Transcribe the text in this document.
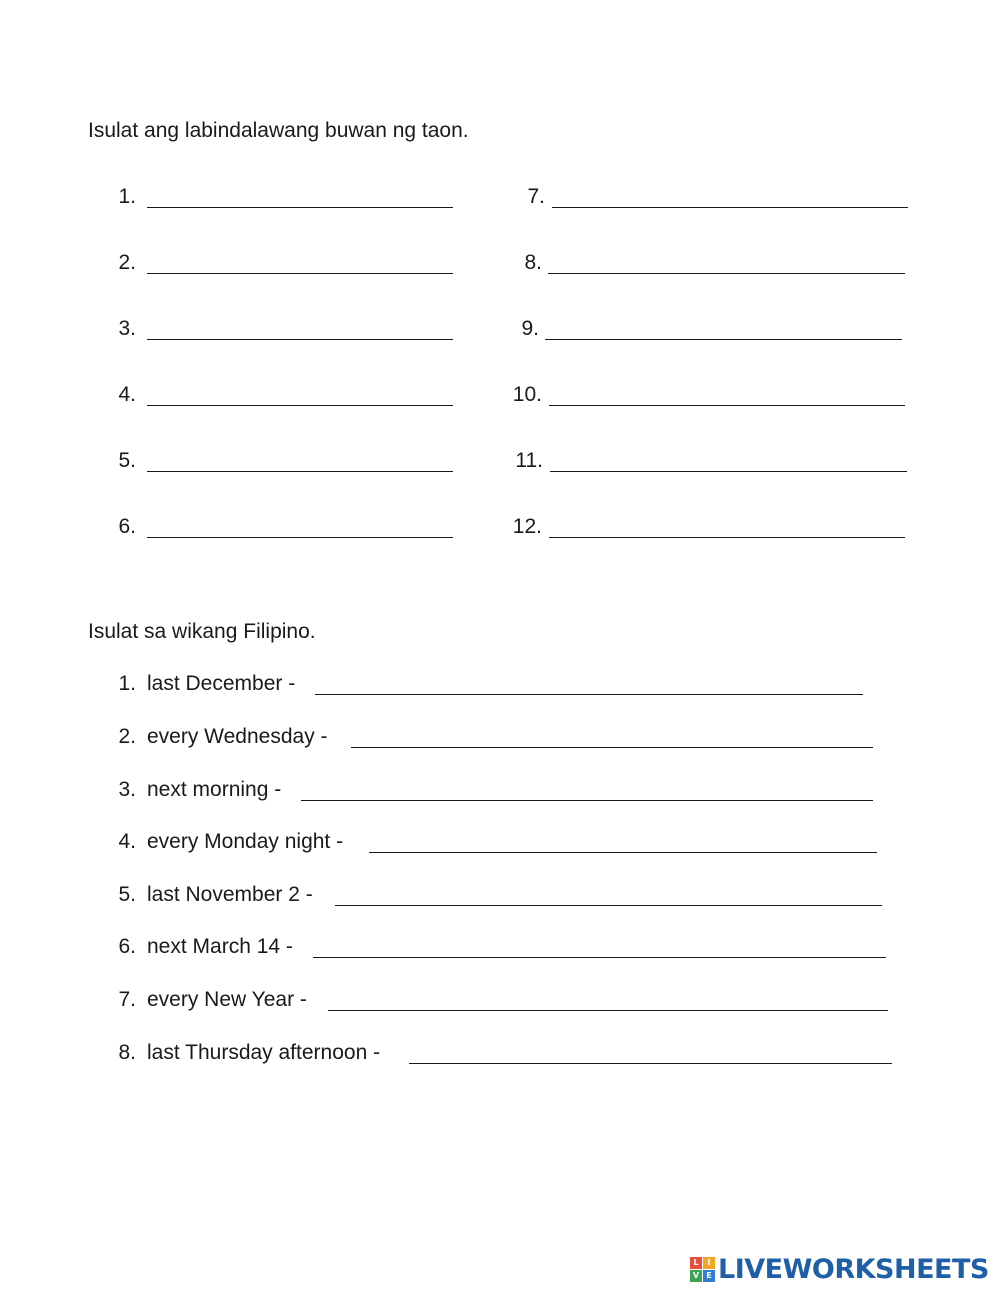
Isulat ang labindalawang buwan ng taon.
1.
2.
3.
4.
5.
6.
7.
8.
9.
10.
11.
12.
Isulat sa wikang Filipino.
1. last December -
2. every Wednesday -
3. next morning -
4. every Monday night -
5. last November 2 -
6. next March 14 -
7. every New Year -
8. last Thursday afternoon -
L	I
V E LIVEWORKSHEETS
